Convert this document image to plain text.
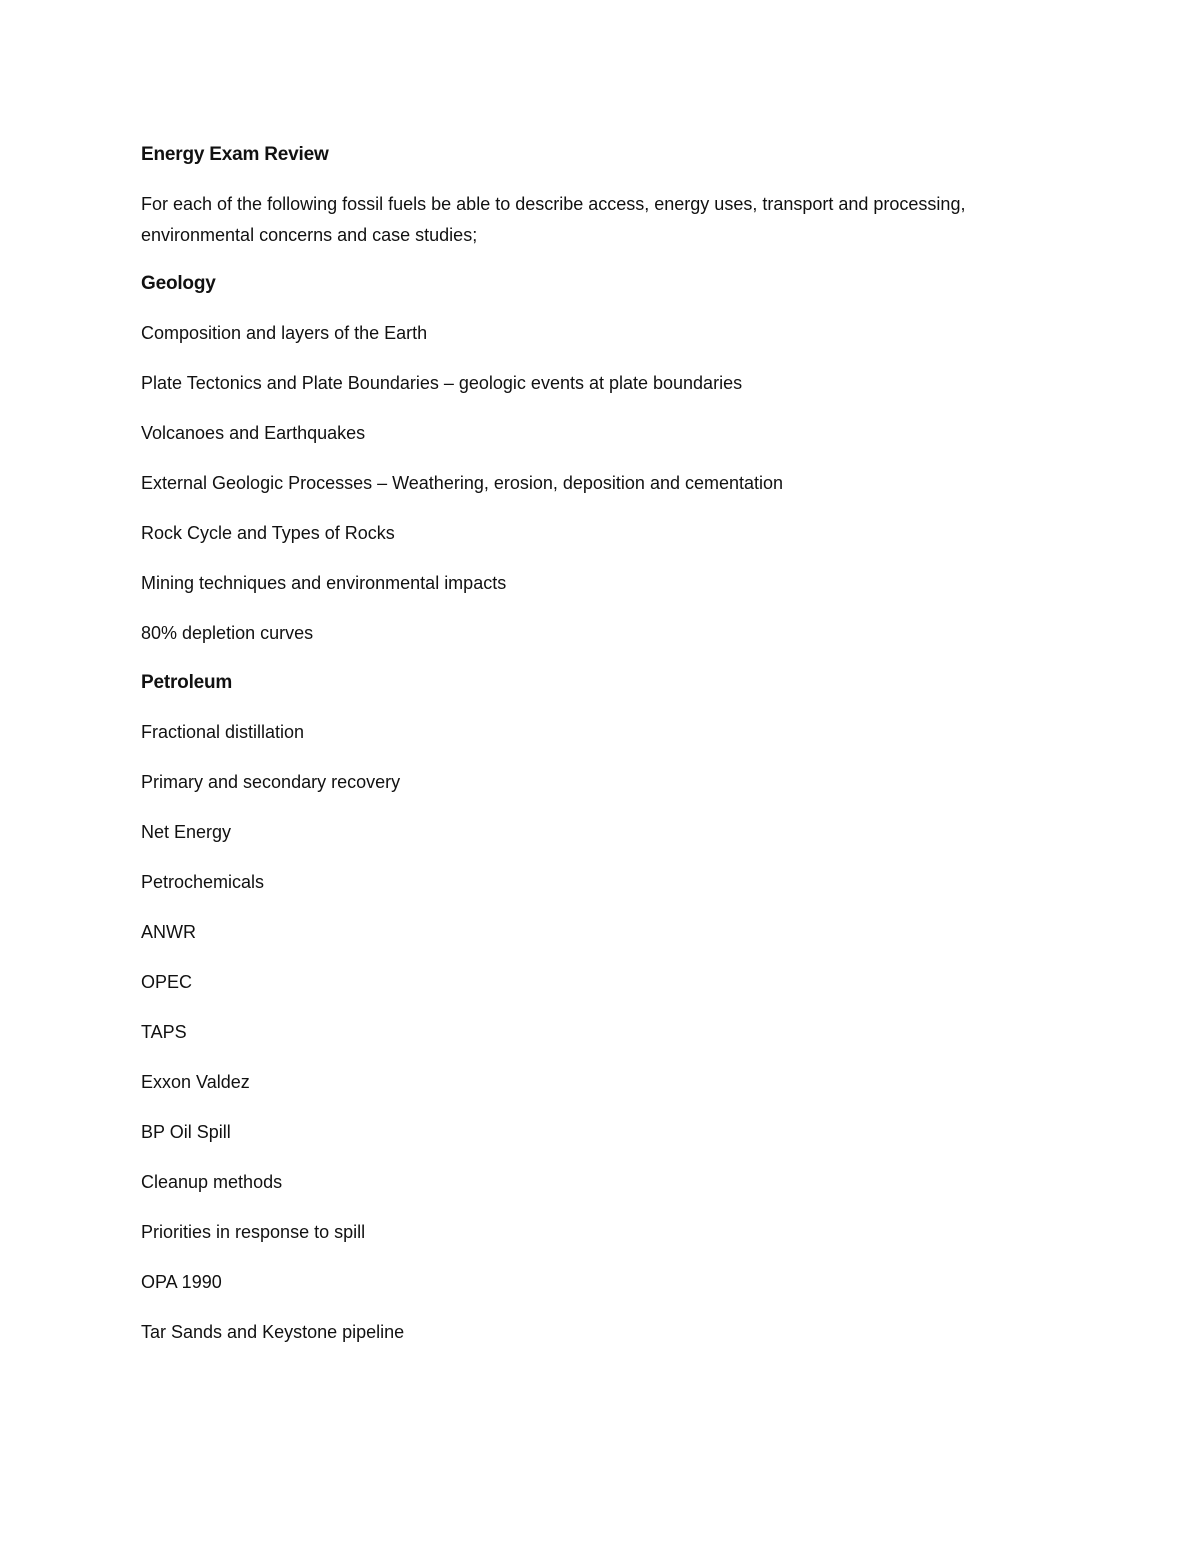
Energy Exam Review
For each of the following fossil fuels be able to describe access, energy uses, transport and processing, environmental concerns and case studies;
Geology
Composition and layers of the Earth
Plate Tectonics and Plate Boundaries – geologic events at plate boundaries
Volcanoes and Earthquakes
External Geologic Processes – Weathering, erosion, deposition and cementation
Rock Cycle and Types of Rocks
Mining techniques and environmental impacts
80% depletion curves
Petroleum
Fractional distillation
Primary and secondary recovery
Net Energy
Petrochemicals
ANWR
OPEC
TAPS
Exxon Valdez
BP Oil Spill
Cleanup methods
Priorities in response to spill
OPA 1990
Tar Sands and Keystone pipeline
